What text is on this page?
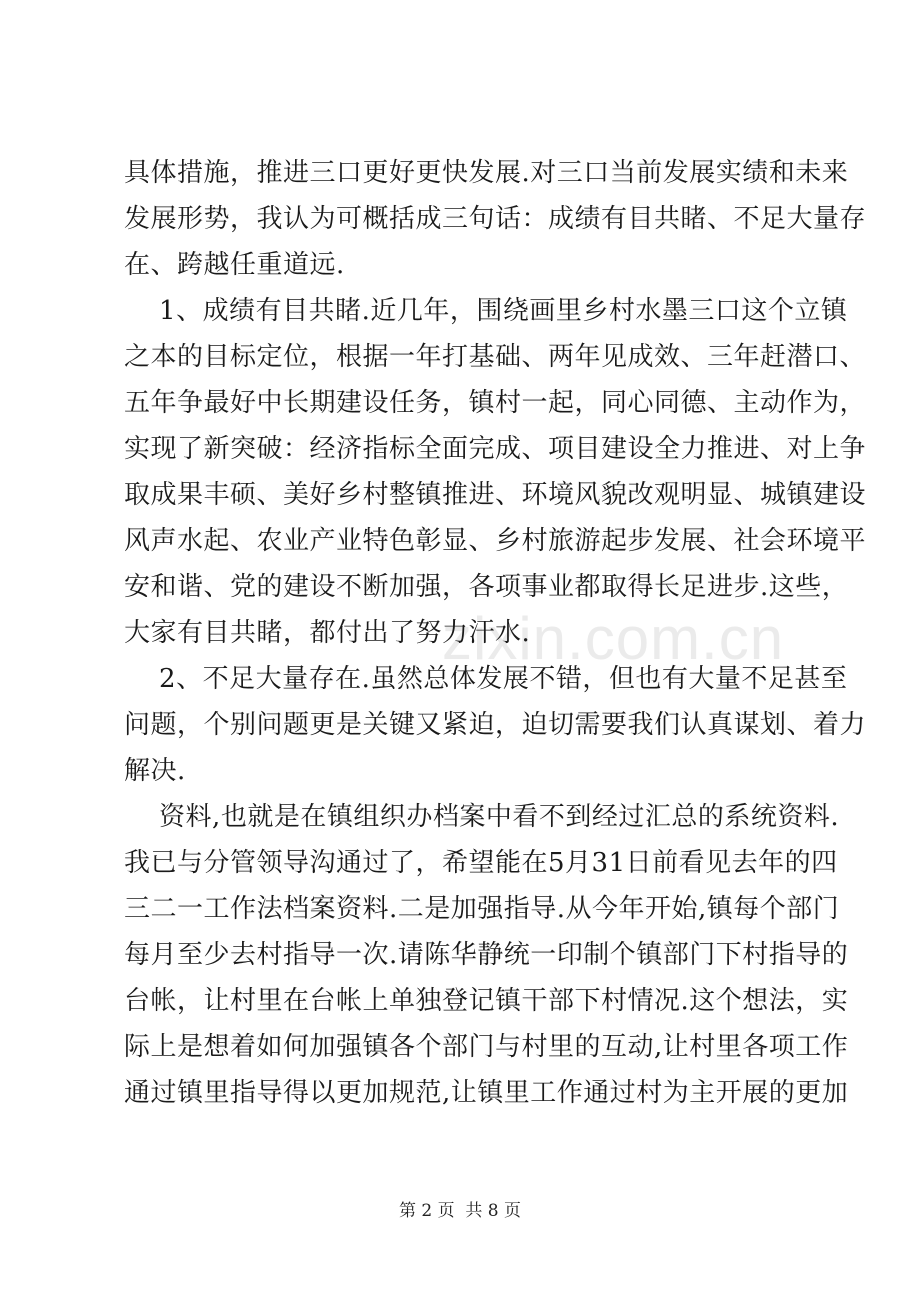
zixin.com.cn
具体措施，推进三口更好更快发展.对三口当前发展实绩和未来
发展形势，我认为可概括成三句话：成绩有目共睹、不足大量存
在、跨越任重道远.
1、成绩有目共睹.近几年，围绕画里乡村水墨三口这个立镇
之本的目标定位，根据一年打基础、两年见成效、三年赶潜口、
五年争最好中长期建设任务，镇村一起，同心同德、主动作为，
实现了新突破：经济指标全面完成、项目建设全力推进、对上争
取成果丰硕、美好乡村整镇推进、环境风貌改观明显、城镇建设
风声水起、农业产业特色彰显、乡村旅游起步发展、社会环境平
安和谐、党的建设不断加强，各项事业都取得长足进步.这些，
大家有目共睹，都付出了努力汗水.
2、不足大量存在.虽然总体发展不错，但也有大量不足甚至
问题，个别问题更是关键又紧迫，迫切需要我们认真谋划、着力
解决.
资料,也就是在镇组织办档案中看不到经过汇总的系统资料.
我已与分管领导沟通过了，希望能在5月31日前看见去年的四
三二一工作法档案资料.二是加强指导.从今年开始,镇每个部门
每月至少去村指导一次.请陈华静统一印制个镇部门下村指导的
台帐，让村里在台帐上单独登记镇干部下村情况.这个想法，实
际上是想着如何加强镇各个部门与村里的互动,让村里各项工作
通过镇里指导得以更加规范,让镇里工作通过村为主开展的更加
第 2 页  共 8 页
